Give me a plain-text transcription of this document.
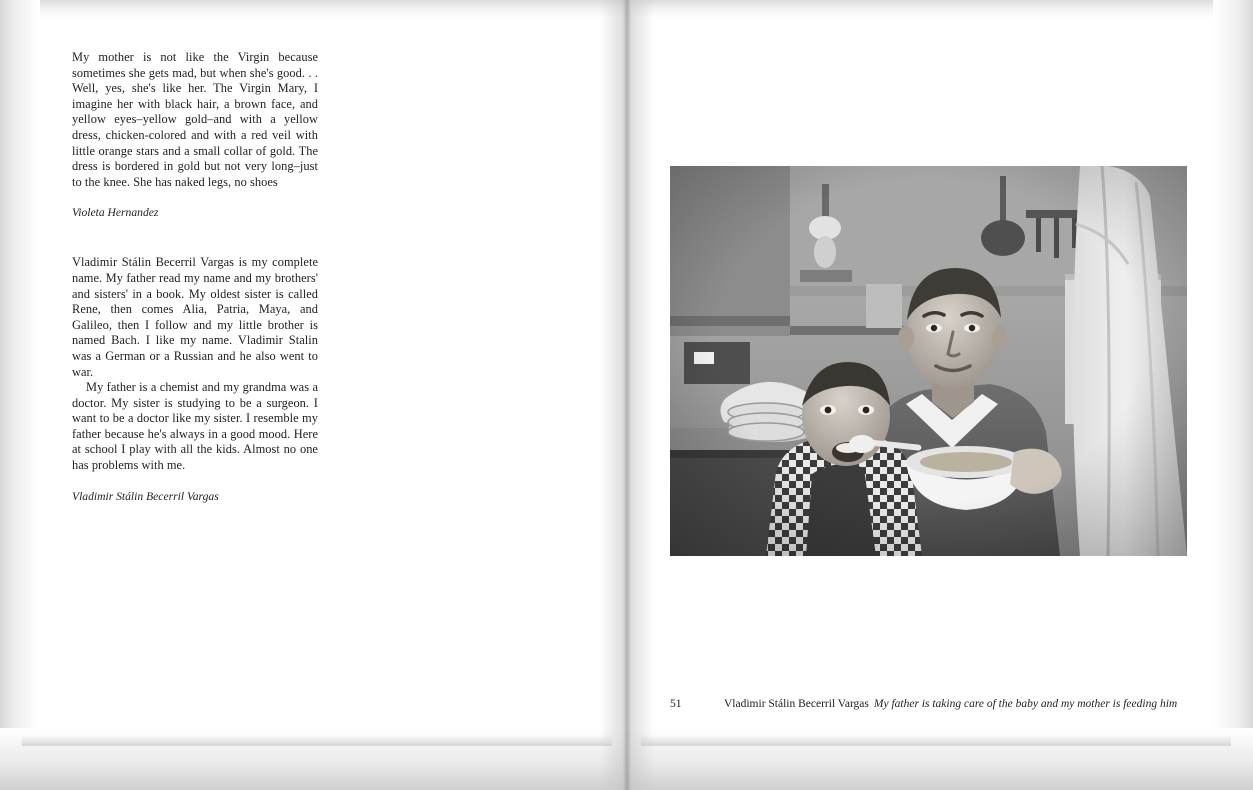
My mother is not like the Virgin because sometimes she gets mad, but when she's good. . . Well, yes, she's like her. The Virgin Mary, I imagine her with black hair, a brown face, and yellow eyes–yellow gold–and with a yellow dress, chicken-colored and with a red veil with little orange stars and a small collar of gold. The dress is bordered in gold but not very long–just to the knee. She has naked legs, no shoes

Violeta Hernandez

Vladimir Stálin Becerril Vargas is my complete name. My father read my name and my brothers' and sisters' in a book. My oldest sister is called Rene, then comes Alia, Patria, Maya, and Galileo, then I follow and my little brother is named Bach. I like my name. Vladimir Stalin was a German or a Russian and he also went to war.

My father is a chemist and my grandma was a doctor. My sister is studying to be a surgeon. I want to be a doctor like my sister. I resemble my father because he's always in a good mood. Here at school I play with all the kids. Almost no one has problems with me.

Vladimir Stálin Becerril Vargas

51	Vladimir Stálin Becerril Vargas My father is taking care of the baby and my mother is feeding him
